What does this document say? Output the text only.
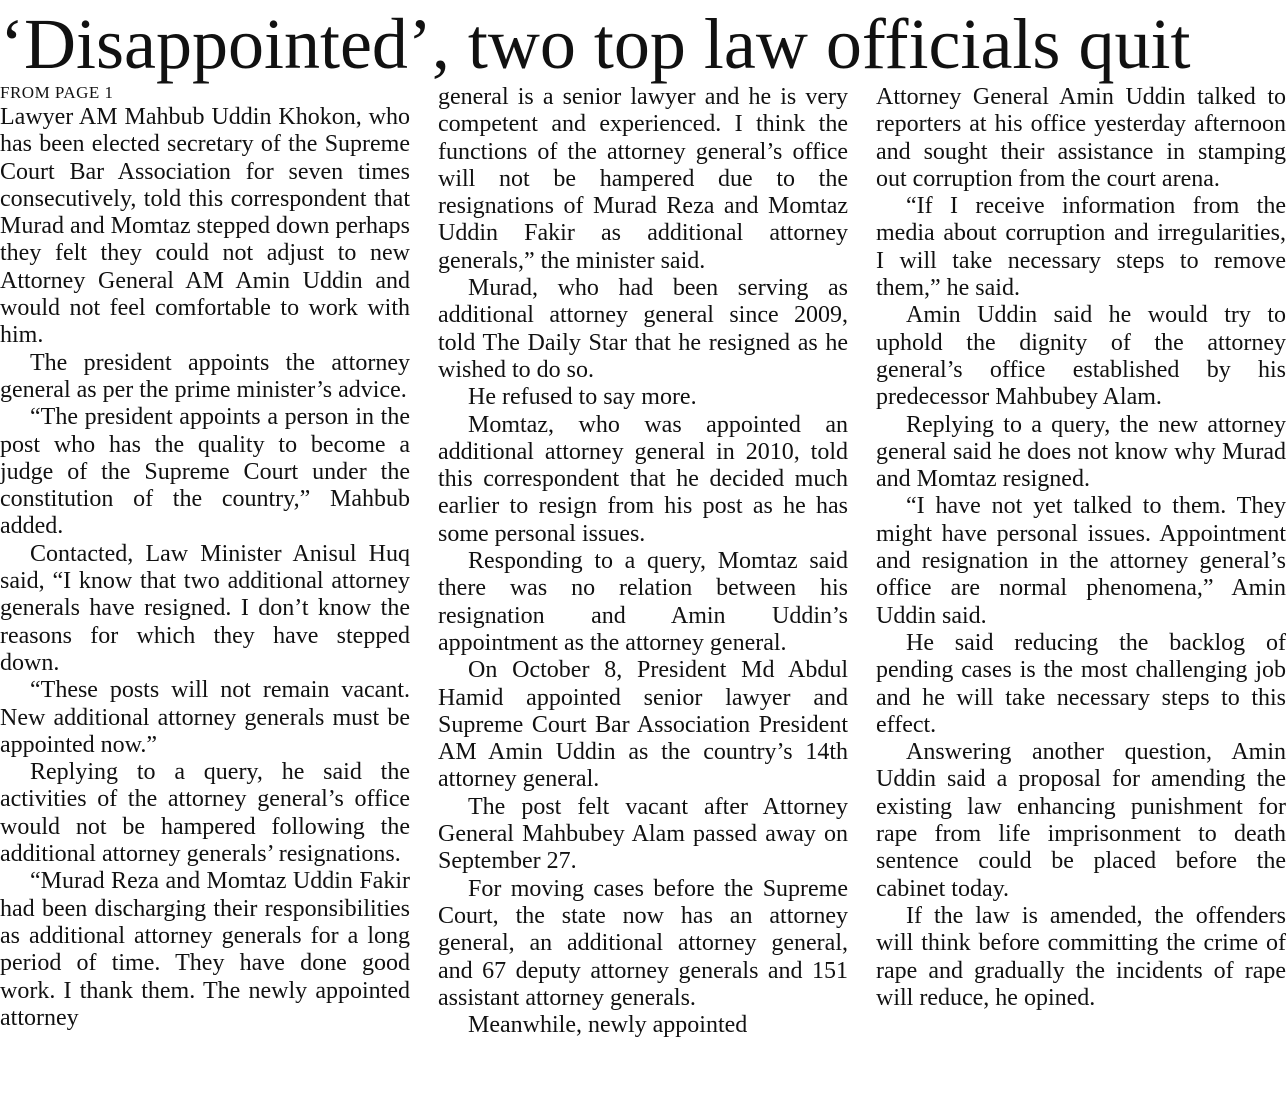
‘Disappointed’, two top law officials quit
FROM PAGE 1

Lawyer AM Mahbub Uddin Khokon, who has been elected secretary of the Supreme Court Bar Association for seven times consecutively, told this correspondent that Murad and Momtaz stepped down perhaps they felt they could not adjust to new Attorney General AM Amin Uddin and would not feel comfortable to work with him.

The president appoints the attorney general as per the prime minister’s advice.

“The president appoints a person in the post who has the quality to become a judge of the Supreme Court under the constitution of the country,” Mahbub added.

Contacted, Law Minister Anisul Huq said, “I know that two additional attorney generals have resigned. I don’t know the reasons for which they have stepped down.

“These posts will not remain vacant. New additional attorney generals must be appointed now.”

Replying to a query, he said the activities of the attorney general’s office would not be hampered following the additional attorney generals’ resignations.

“Murad Reza and Momtaz Uddin Fakir had been discharging their responsibilities as additional attorney generals for a long period of time. They have done good work. I thank them. The newly appointed attorney

general is a senior lawyer and he is very competent and experienced. I think the functions of the attorney general’s office will not be hampered due to the resignations of Murad Reza and Momtaz Uddin Fakir as additional attorney generals,” the minister said.

Murad, who had been serving as additional attorney general since 2009, told The Daily Star that he resigned as he wished to do so.

He refused to say more.

Momtaz, who was appointed an additional attorney general in 2010, told this correspondent that he decided much earlier to resign from his post as he has some personal issues.

Responding to a query, Momtaz said there was no relation between his resignation and Amin Uddin’s appointment as the attorney general.

On October 8, President Md Abdul Hamid appointed senior lawyer and Supreme Court Bar Association President AM Amin Uddin as the country’s 14th attorney general.

The post felt vacant after Attorney General Mahbubey Alam passed away on September 27.

For moving cases before the Supreme Court, the state now has an attorney general, an additional attorney general, and 67 deputy attorney generals and 151 assistant attorney generals.

Meanwhile, newly appointed

Attorney General Amin Uddin talked to reporters at his office yesterday afternoon and sought their assistance in stamping out corruption from the court arena.

“If I receive information from the media about corruption and irregularities, I will take necessary steps to remove them,” he said.

Amin Uddin said he would try to uphold the dignity of the attorney general’s office established by his predecessor Mahbubey Alam.

Replying to a query, the new attorney general said he does not know why Murad and Momtaz resigned.

“I have not yet talked to them. They might have personal issues. Appointment and resignation in the attorney general’s office are normal phenomena,” Amin Uddin said.

He said reducing the backlog of pending cases is the most challenging job and he will take necessary steps to this effect.

Answering another question, Amin Uddin said a proposal for amending the existing law enhancing punishment for rape from life imprisonment to death sentence could be placed before the cabinet today.

If the law is amended, the offenders will think before committing the crime of rape and gradually the incidents of rape will reduce, he opined.
